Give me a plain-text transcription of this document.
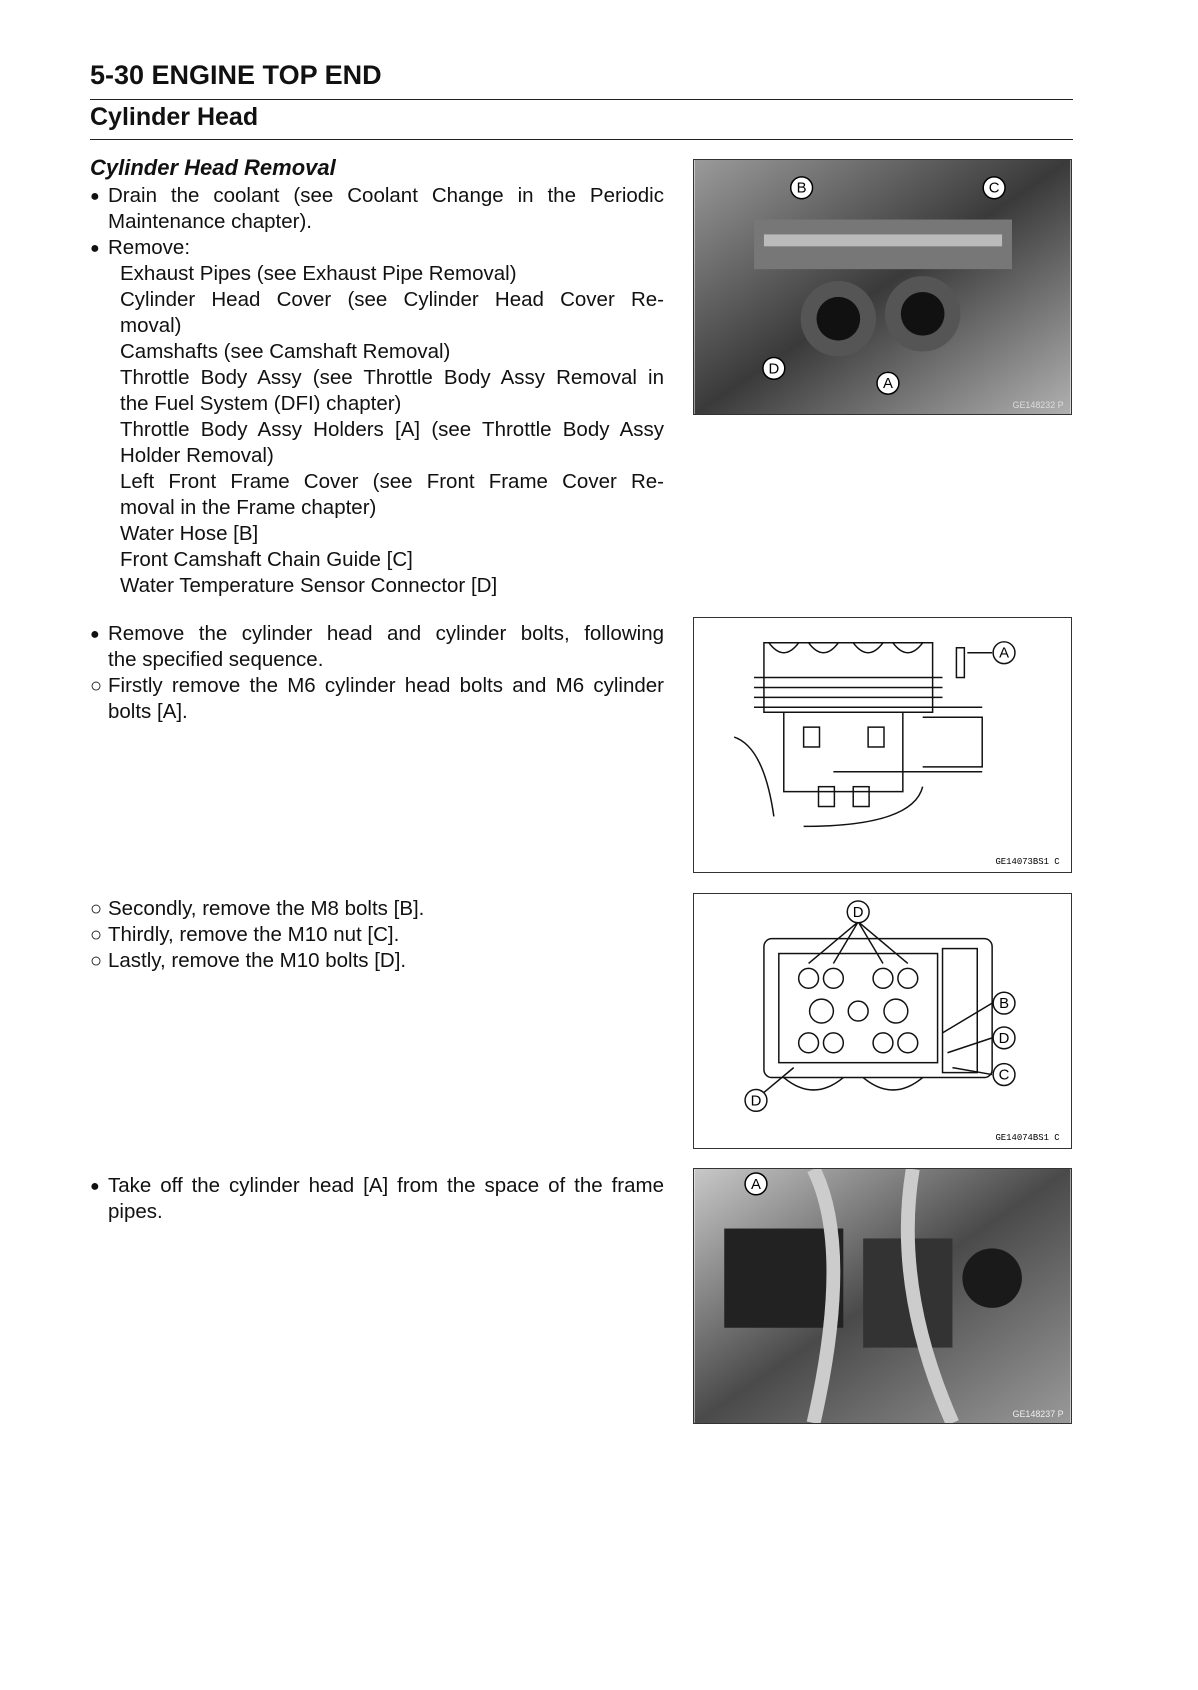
5-30 ENGINE TOP END
Cylinder Head
Cylinder Head Removal
● Drain the coolant (see Coolant Change in the Periodic
Maintenance chapter).
● Remove:
Exhaust Pipes (see Exhaust Pipe Removal)
Cylinder Head Cover (see Cylinder Head Cover Re-
moval)
Camshafts (see Camshaft Removal)
Throttle Body Assy (see Throttle Body Assy Removal in
the Fuel System (DFI) chapter)
Throttle Body Assy Holders [A] (see Throttle Body Assy
Holder Removal)
Left Front Frame Cover (see Front Frame Cover Re-
moval in the Frame chapter)
Water Hose [B]
Front Camshaft Chain Guide [C]
Water Temperature Sensor Connector [D]
● Remove the cylinder head and cylinder bolts, following
the specified sequence.
○ Firstly remove the M6 cylinder head bolts and M6 cylinder
bolts [A].
○ Secondly, remove the M8 bolts [B].
○ Thirdly, remove the M10 nut [C].
○ Lastly, remove the M10 bolts [D].
● Take off the cylinder head [A] from the space of the frame
pipes.
B	C
D
A
GE148232 P
A
GE14073BS1 C
D
B
D
C
D
GE14074BS1 C
A
GE148237 P
